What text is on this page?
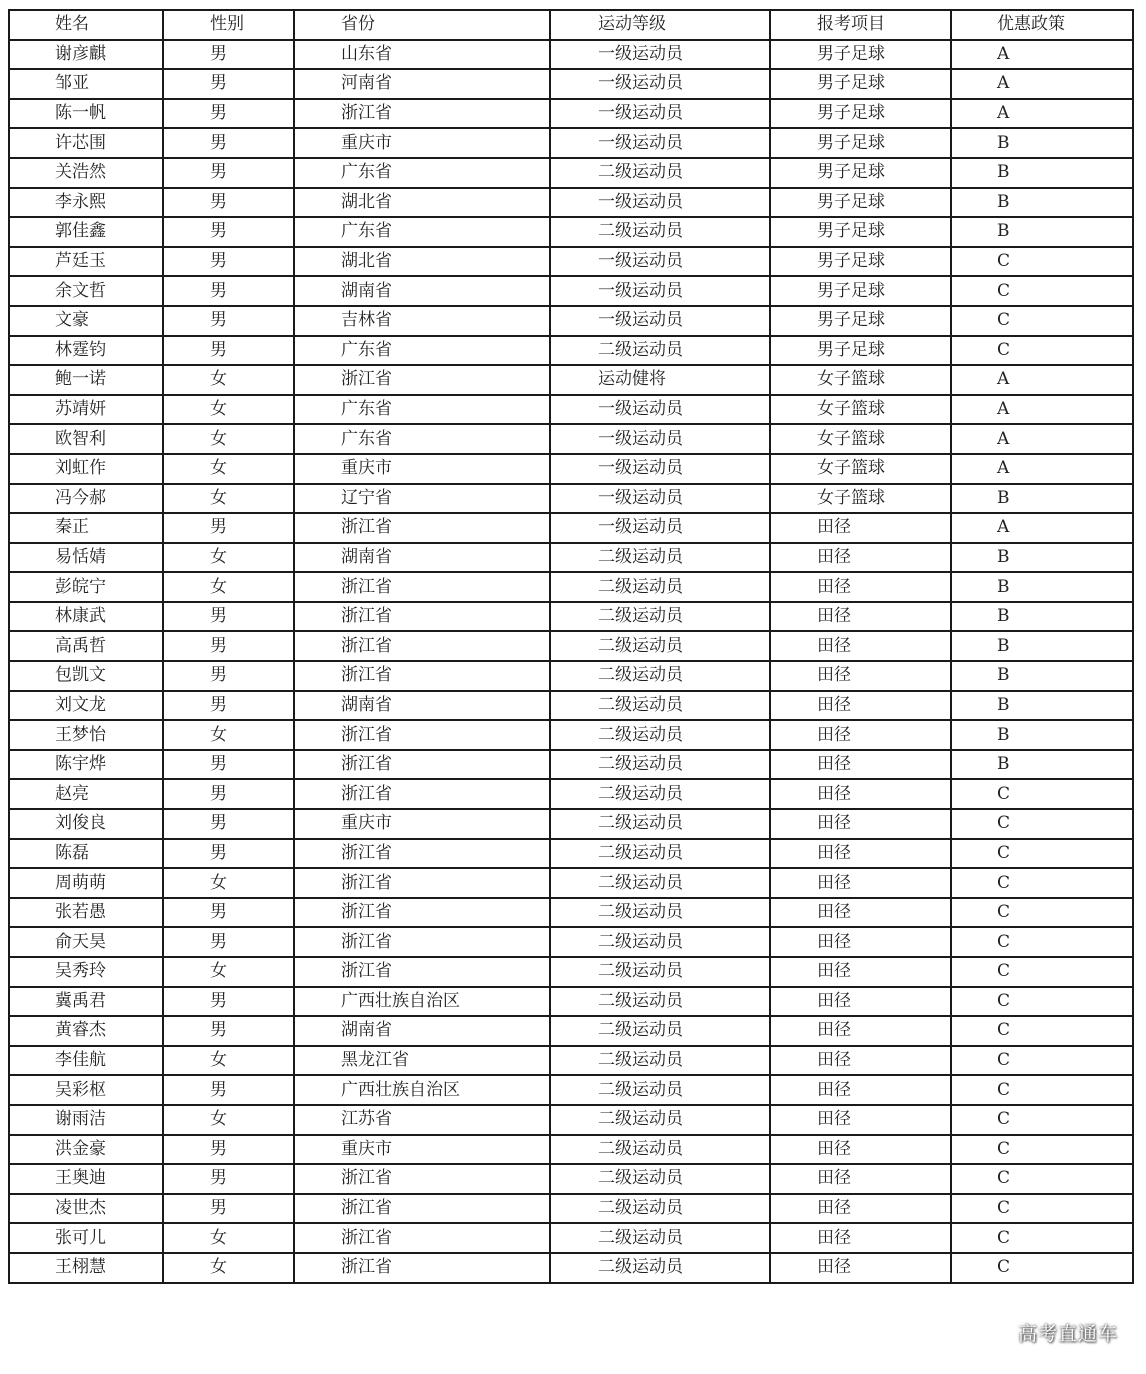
姓名	性别	省份	运动等级	报考项目	优惠政策
谢彦麒	男	山东省	一级运动员	男子足球	A
邹亚	男	河南省	一级运动员	男子足球	A
陈一帆	男	浙江省	一级运动员	男子足球	A
许芯围	男	重庆市	一级运动员	男子足球	B
关浩然	男	广东省	二级运动员	男子足球	B
李永熙	男	湖北省	一级运动员	男子足球	B
郭佳鑫	男	广东省	二级运动员	男子足球	B
芦廷玉	男	湖北省	一级运动员	男子足球	C
余文哲	男	湖南省	一级运动员	男子足球	C
文豪	男	吉林省	一级运动员	男子足球	C
林霆钧	男	广东省	二级运动员	男子足球	C
鲍一诺	女	浙江省	运动健将	女子篮球	A
苏靖妍	女	广东省	一级运动员	女子篮球	A
欧智利	女	广东省	一级运动员	女子篮球	A
刘虹作	女	重庆市	一级运动员	女子篮球	A
冯今郝	女	辽宁省	一级运动员	女子篮球	B
秦正	男	浙江省	一级运动员	田径	A
易恬婧	女	湖南省	二级运动员	田径	B
彭皖宁	女	浙江省	二级运动员	田径	B
林康武	男	浙江省	二级运动员	田径	B
高禹哲	男	浙江省	二级运动员	田径	B
包凯文	男	浙江省	二级运动员	田径	B
刘文龙	男	湖南省	二级运动员	田径	B
王梦怡	女	浙江省	二级运动员	田径	B
陈宇烨	男	浙江省	二级运动员	田径	B
赵亮	男	浙江省	二级运动员	田径	C
刘俊良	男	重庆市	二级运动员	田径	C
陈磊	男	浙江省	二级运动员	田径	C
周萌萌	女	浙江省	二级运动员	田径	C
张若愚	男	浙江省	二级运动员	田径	C
俞天昊	男	浙江省	二级运动员	田径	C
吴秀玲	女	浙江省	二级运动员	田径	C
冀禹君	男	广西壮族自治区	二级运动员	田径	C
黄睿杰	男	湖南省	二级运动员	田径	C
李佳航	女	黑龙江省	二级运动员	田径	C
吴彩枢	男	广西壮族自治区	二级运动员	田径	C
谢雨洁	女	江苏省	二级运动员	田径	C
洪金豪	男	重庆市	二级运动员	田径	C
王奥迪	男	浙江省	二级运动员	田径	C
凌世杰	男	浙江省	二级运动员	田径	C
张可儿	女	浙江省	二级运动员	田径	C
王栩慧	女	浙江省	二级运动员	田径	C
高考直通车
